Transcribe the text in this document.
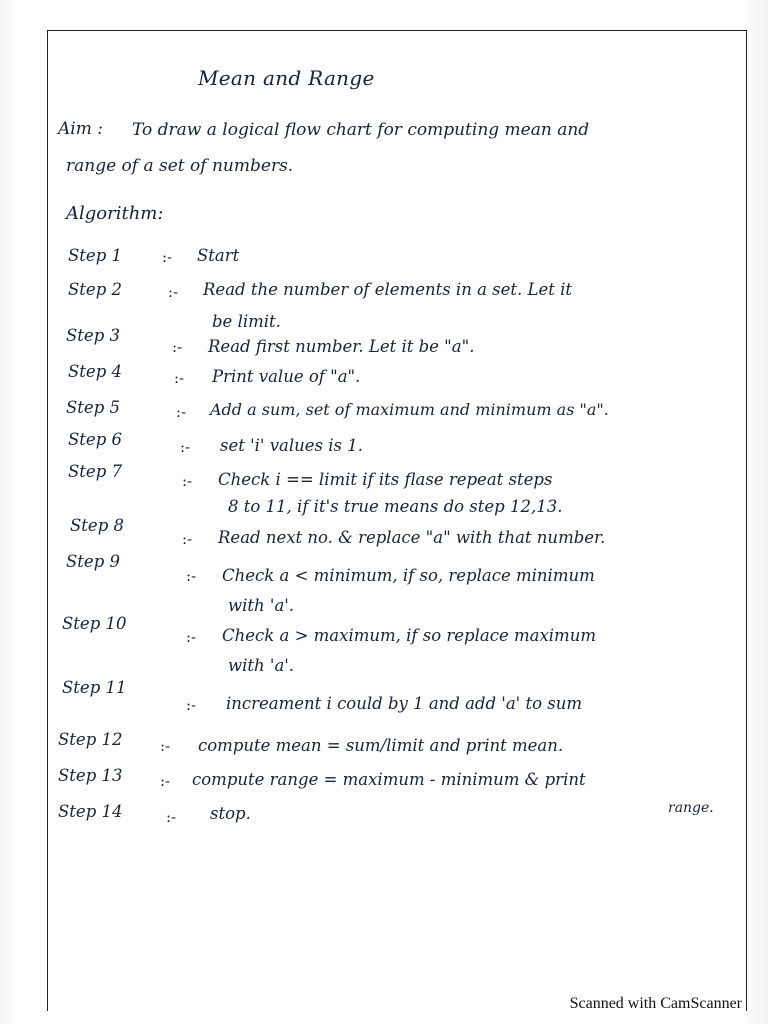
Mean and Range
Aim : To draw a logical flow chart for computing mean and
range of a set of numbers.
Algorithm:
Step 1	:- Start
Step 2	:- Read the number of elements in a set. Let it
be limit.
Step 3
:- Read first number. Let it be "a".
Step 4	:- Print value of "a".
Step 5	:- Add a sum, set of maximum and minimum as "a".
Step 6	:- set 'i' values is 1.
Step 7	:- Check i == limit if its flase repeat steps
8 to 11, if it's true means do step 12,13.
Step 8
:- Read next no. & replace "a" with that number.
Step 9
:- Check a < minimum, if so, replace minimum
with 'a'.
Step 10
:- Check a > maximum, if so replace maximum
with 'a'.
Step 11
:- increament i could by 1 and add 'a' to sum
Step 12 :- compute mean = sum/limit and print mean.
Step 13 :- compute range = maximum - minimum & print
range.
Step 14	:- stop.
Scanned with CamScanner
